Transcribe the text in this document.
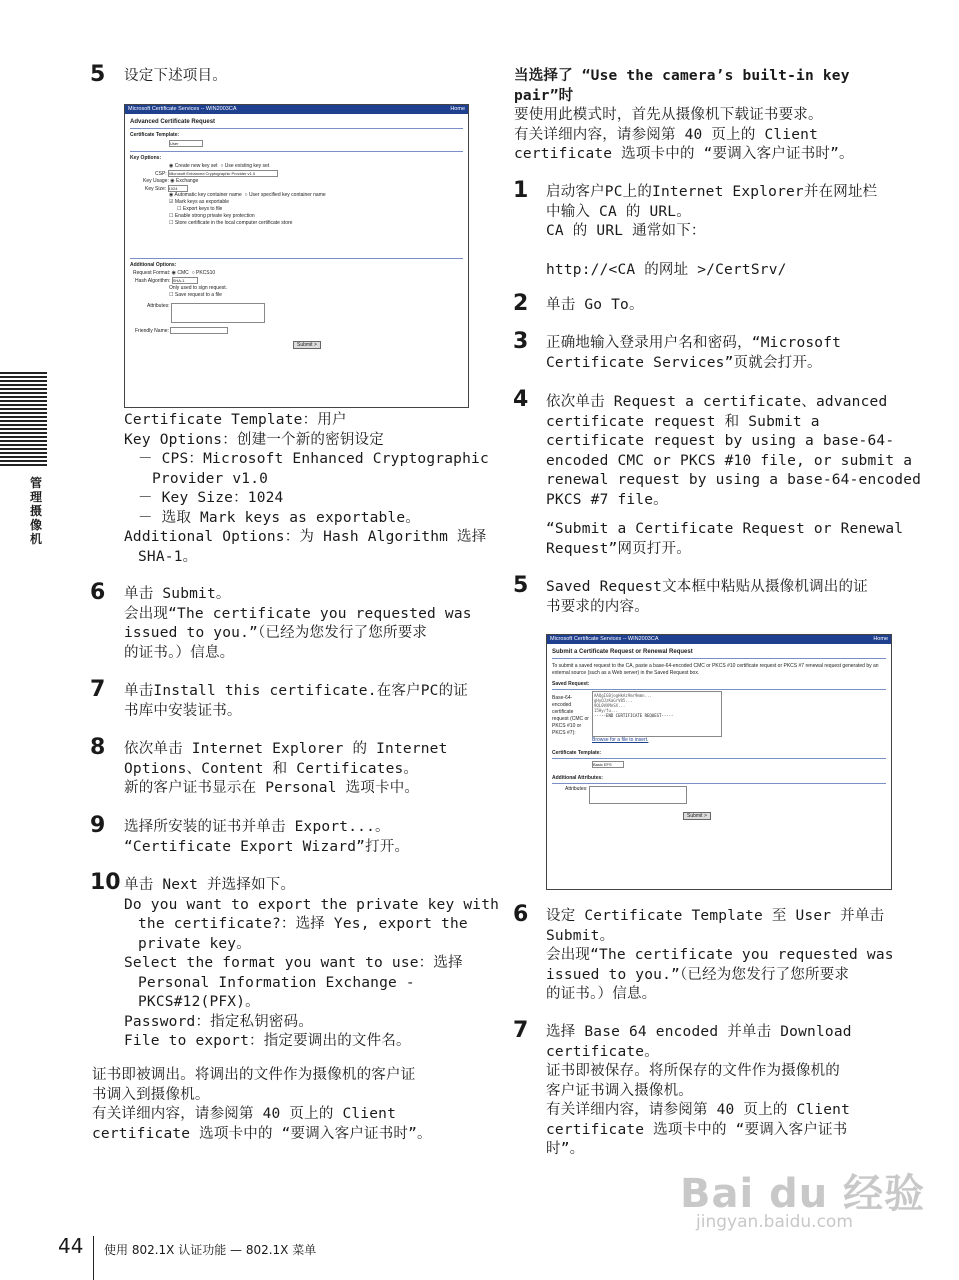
管理摄像机
5 设定下述项目。
Microsoft Certificate Services -- WIN2003CA	Home
Advanced Certificate Request
Certificate Template:
User
Key Options:
◉ Create new key set  ○ Use existing key set
CSP: Microsoft Enhanced Cryptographic Provider v1.0
Key Usage: ◉ Exchange
Key Size: 1024
◉ Automatic key container name  ○ User specified key container name
☑ Mark keys as exportable
☐ Export keys to file
☐ Enable strong private key protection
☐ Store certificate in the local computer certificate store
Additional Options:
Request Format: ◉ CMC  ○ PKCS10
Hash Algorithm: SHA-1
Only used to sign request.
☐ Save request to a file
Attributes:
Friendly Name:
Submit >
Certificate Template：用户
Key Options：创建一个新的密钥设定
－ CPS：Microsoft Enhanced Cryptographic
Provider v1.0
－ Key Size：1024
－ 选取 Mark keys as exportable。
Additional Options：为 Hash Algorithm 选择
SHA-1。
6 单击 Submit。
会出现“The certificate you requested was
issued to you.”（已经为您发行了您所要求
的证书。）信息。
7 单击Install this certificate.在客户PC的证
书库中安装证书。
8 依次单击 Internet Explorer 的 Internet
Options、Content 和 Certificates。
新的客户证书显示在 Personal 选项卡中。
9 选择所安装的证书并单击 Export...。
“Certificate Export Wizard”打开。
10 单击 Next 并选择如下。
Do you want to export the private key with
the certificate?：选择 Yes, export the
private key。
Select the format you want to use：选择
Personal Information Exchange -
PKCS#12(PFX)。
Password：指定私钥密码。
File to export：指定要调出的文件名。
证书即被调出。将调出的文件作为摄像机的客户证
书调入到摄像机。
有关详细内容，请参阅第 40 页上的 Client
certificate 选项卡中的 “要调入客户证书时”。
当选择了 “Use the camera’s built-in key
pair”时
要使用此模式时，首先从摄像机下载证书要求。
有关详细内容，请参阅第 40 页上的 Client
certificate 选项卡中的 “要调入客户证书时”。
1 启动客户PC上的Internet Explorer并在网址栏
中输入 CA 的 URL。
CA 的 URL 通常如下：
http://<CA 的网址 >/CertSrv/
2 单击 Go To。
3 正确地输入登录用户名和密码，“Microsoft
Certificate Services”页就会打开。
4 依次单击 Request a certificate、advanced
certificate request 和 Submit a
certificate request by using a base-64-
encoded CMC or PKCS #10 file, or submit a
renewal request by using a base-64-encoded
PKCS #7 file。
“Submit a Certificate Request or Renewal
Request”网页打开。
5 Saved Request文本框中粘贴从摄像机调出的证
书要求的内容。
Microsoft Certificate Services -- WIN2003CA	Home
Submit a Certificate Request or Renewal Request
To submit a saved request to the CA, paste a base-64-encoded CMC or PKCS #10 certificate request or PKCS #7 renewal request generated by an external source (such as a Web server) in the Saved Request box.
Saved Request:
Base-64-encoded certificate request (CMC or PKCS #10 or PKCS #7):
AAQgIGBjogHkAz9mr9mmn...
gHyQJzKaGrV85...
9QL0VXMeSX...
15Hy/fu...
-----END CERTIFICATE REQUEST-----
Browse for a file to insert.
Certificate Template:
Basic EFS
Additional Attributes:
Attributes:
Submit >
6 设定 Certificate Template 至 User 并单击
Submit。
会出现“The certificate you requested was
issued to you.”（已经为您发行了您所要求
的证书。）信息。
7 选择 Base 64 encoded 并单击 Download
certificate。
证书即被保存。将所保存的文件作为摄像机的
客户证书调入摄像机。
有关详细内容，请参阅第 40 页上的 Client
certificate 选项卡中的 “要调入客户证书
时”。
Bai du 经验
jingyan.baidu.com
44 使用 802.1X 认证功能 — 802.1X 菜单
